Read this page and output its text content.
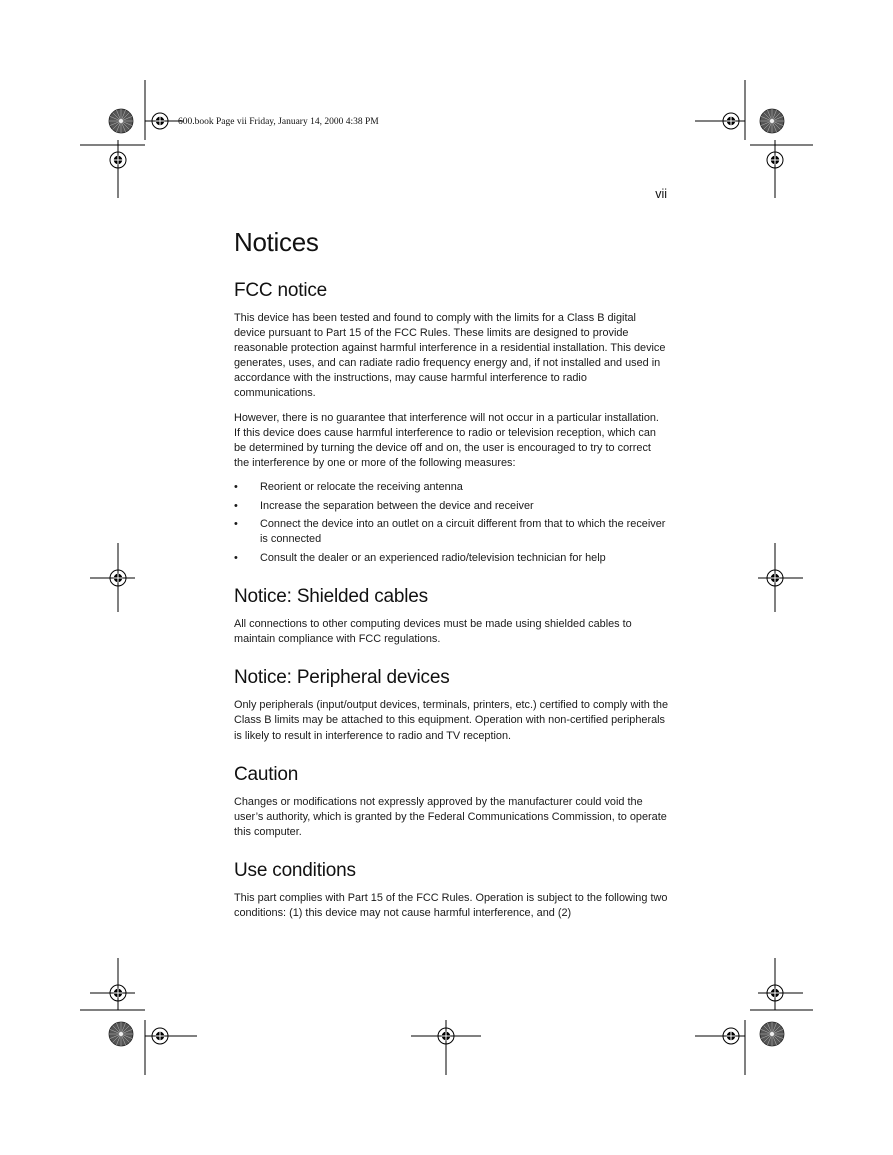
600.book Page vii Friday, January 14, 2000 4:38 PM
vii
Notices
FCC notice

This device has been tested and found to comply with the limits for a Class B digital device pursuant to Part 15 of the FCC Rules. These limits are designed to provide reasonable protection against harmful interference in a residential installation. This device generates, uses, and can radiate radio frequency energy and, if not installed and used in accordance with the instructions, may cause harmful interference to radio communications.

However, there is no guarantee that interference will not occur in a particular installation. If this device does cause harmful interference to radio or television reception, which can be determined by turning the device off and on, the user is encouraged to try to correct the interference by one or more of the following measures:

• Reorient or relocate the receiving antenna
• Increase the separation between the device and receiver
• Connect the device into an outlet on a circuit different from that to which the receiver is connected
• Consult the dealer or an experienced radio/television technician for help
Notice: Shielded cables

All connections to other computing devices must be made using shielded cables to maintain compliance with FCC regulations.

Notice: Peripheral devices

Only peripherals (input/output devices, terminals, printers, etc.) certified to comply with the Class B limits may be attached to this equipment. Operation with non-certified peripherals is likely to result in interference to radio and TV reception.

Caution

Changes or modifications not expressly approved by the manufacturer could void the user’s authority, which is granted by the Federal Communications Commission, to operate this computer.

Use conditions

This part complies with Part 15 of the FCC Rules. Operation is subject to the following two conditions: (1) this device may not cause harmful interference, and (2)
